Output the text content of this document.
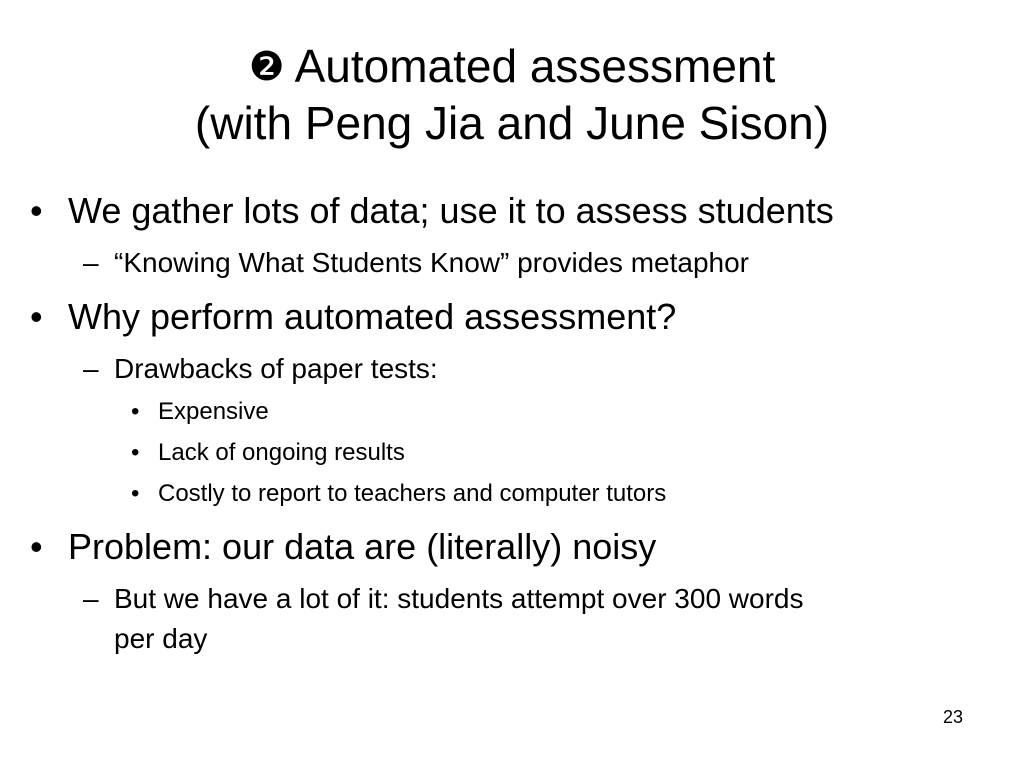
❷ Automated assessment
(with Peng Jia and June Sison)
• We gather lots of data; use it to assess students
– “Knowing What Students Know” provides metaphor
• Why perform automated assessment?
– Drawbacks of paper tests:
• Expensive
• Lack of ongoing results
• Costly to report to teachers and computer tutors
• Problem: our data are (literally) noisy
– But we have a lot of it: students attempt over 300 words
per day
23
